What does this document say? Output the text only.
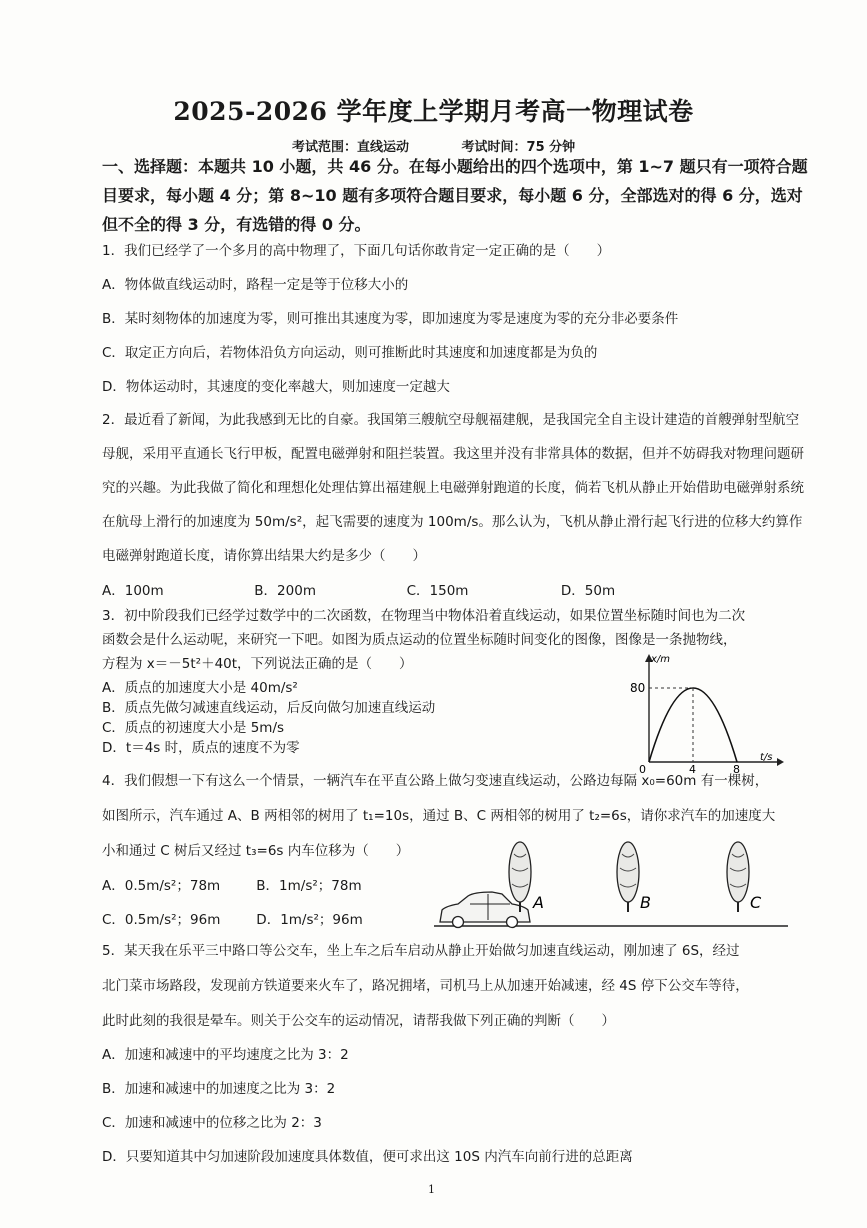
2025-2026 学年度上学期月考高一物理试卷
考试范围：直线运动	考试时间：75 分钟
一、选择题：本题共 10 小题，共 46 分。在每小题给出的四个选项中，第 1~7 题只有一项符合题目要求，每小题 4 分；第 8~10 题有多项符合题目要求，每小题 6 分，全部选对的得 6 分，选对但不全的得 3 分，有选错的得 0 分。
1．我们已经学了一个多月的高中物理了，下面几句话你敢肯定一定正确的是（　　）
A．物体做直线运动时，路程一定是等于位移大小的
B．某时刻物体的加速度为零，则可推出其速度为零，即加速度为零是速度为零的充分非必要条件
C．取定正方向后，若物体沿负方向运动，则可推断此时其速度和加速度都是为负的
D．物体运动时，其速度的变化率越大，则加速度一定越大
2．最近看了新闻，为此我感到无比的自豪。我国第三艘航空母舰福建舰，是我国完全自主设计建造的首艘弹射型航空母舰，采用平直通长飞行甲板，配置电磁弹射和阻拦装置。我这里并没有非常具体的数据，但并不妨碍我对物理问题研究的兴趣。为此我做了简化和理想化处理估算出福建舰上电磁弹射跑道的长度，倘若飞机从静止开始借助电磁弹射系统在航母上滑行的加速度为 50m/s²，起飞需要的速度为 100m/s。那么认为，飞机从静止滑行起飞行进的位移大约算作电磁弹射跑道长度，请你算出结果大约是多少（　　）
A．100m	B．200m	C．150m	D．50m
3．初中阶段我们已经学过数学中的二次函数，在物理当中物体沿着直线运动，如果位置坐标随时间也为二次
函数会是什么运动呢，来研究一下吧。如图为质点运动的位置坐标随时间变化的图像，图像是一条抛物线，
方程为 x＝－5t²＋40t，下列说法正确的是（　　）
A．质点的加速度大小是 40m/s²
B．质点先做匀减速直线运动，后反向做匀加速直线运动
C．质点的初速度大小是 5m/s
D．t＝4s 时，质点的速度不为零
x/m
t/s
0
80
4	8
4．我们假想一下有这么一个情景，一辆汽车在平直公路上做匀变速直线运动，公路边每隔 x₀=60m 有一棵树，
如图所示，汽车通过 A、B 两相邻的树用了 t₁=10s，通过 B、C 两相邻的树用了 t₂=6s，请你求汽车的加速度大
小和通过 C 树后又经过 t₃=6s 内车位移为（　　）
A．0.5m/s²；78m	B．1m/s²；78m
C．0.5m/s²；96m	D．1m/s²；96m
A	B	C
5．某天我在乐平三中路口等公交车，坐上车之后车启动从静止开始做匀加速直线运动，刚加速了 6S，经过
北门菜市场路段，发现前方铁道要来火车了，路况拥堵，司机马上从加速开始减速，经 4S 停下公交车等待，
此时此刻的我很是晕车。则关于公交车的运动情况，请帮我做下列正确的判断（　　）
A．加速和减速中的平均速度之比为 3：2
B．加速和减速中的加速度之比为 3：2
C．加速和减速中的位移之比为 2：3
D．只要知道其中匀加速阶段加速度具体数值，便可求出这 10S 内汽车向前行进的总距离
1
